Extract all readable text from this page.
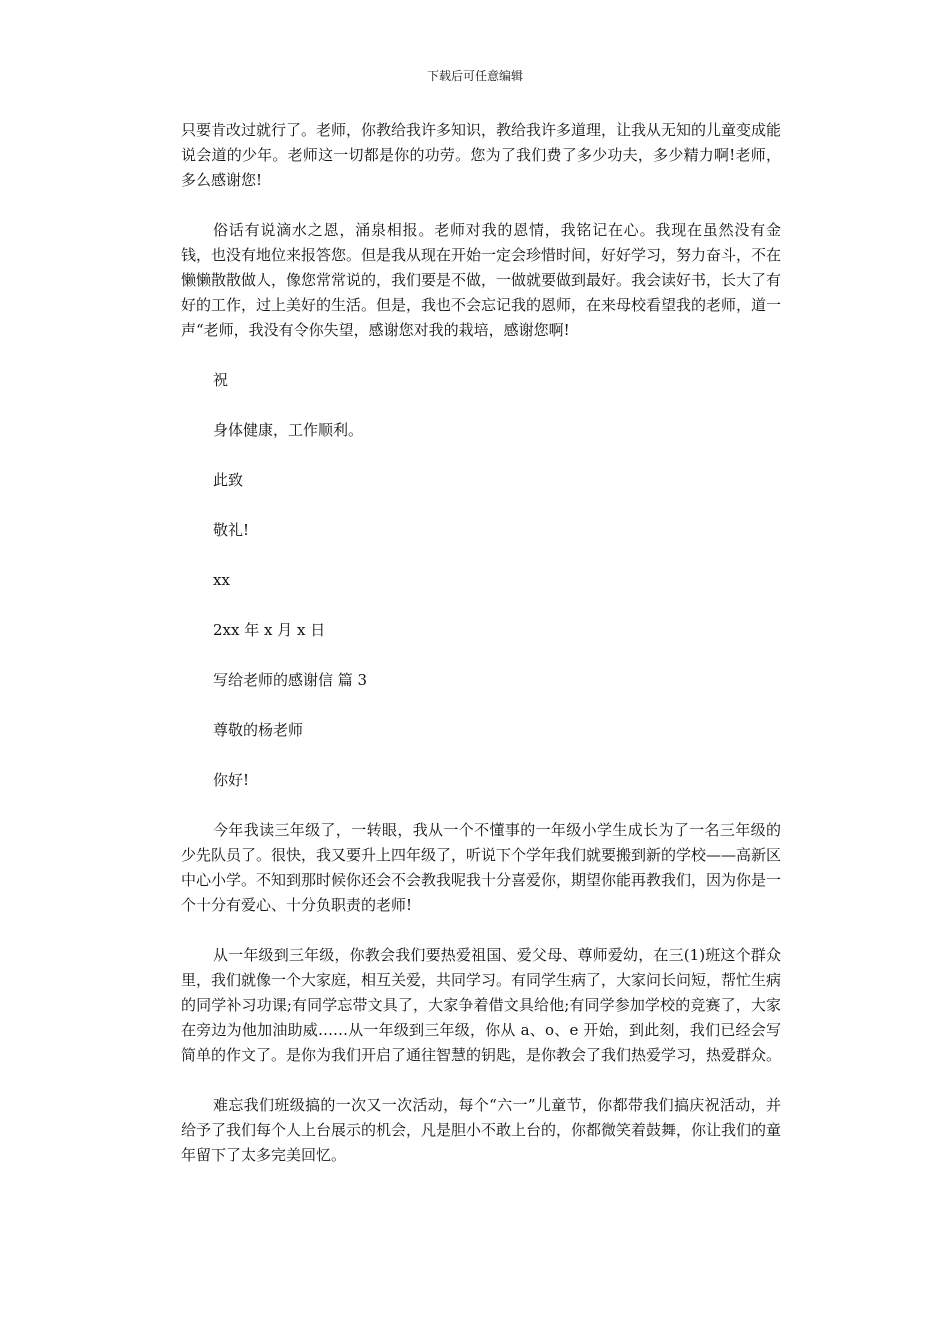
下载后可任意编辑

只要肯改过就行了。老师，你教给我许多知识，教给我许多道理，让我从无知的儿童变成能说会道的少年。老师这一切都是你的功劳。您为了我们费了多少功夫，多少精力啊!老师，多么感谢您!

俗话有说滴水之恩，涌泉相报。老师对我的恩情，我铭记在心。我现在虽然没有金钱，也没有地位来报答您。但是我从现在开始一定会珍惜时间，好好学习，努力奋斗，不在懒懒散散做人，像您常常说的，我们要是不做，一做就要做到最好。我会读好书，长大了有好的工作，过上美好的生活。但是，我也不会忘记我的恩师，在来母校看望我的老师，道一声“老师，我没有令你失望，感谢您对我的栽培，感谢您啊!

祝

身体健康，工作顺利。

此致

敬礼!

xx

2xx 年 x 月 x 日

写给老师的感谢信 篇 3

尊敬的杨老师

你好!

今年我读三年级了，一转眼，我从一个不懂事的一年级小学生成长为了一名三年级的少先队员了。很快，我又要升上四年级了，听说下个学年我们就要搬到新的学校——高新区中心小学。不知到那时候你还会不会教我呢我十分喜爱你，期望你能再教我们，因为你是一个十分有爱心、十分负职责的老师!

从一年级到三年级，你教会我们要热爱祖国、爱父母、尊师爱幼，在三(1)班这个群众里，我们就像一个大家庭，相互关爱，共同学习。有同学生病了，大家问长问短，帮忙生病的同学补习功课;有同学忘带文具了，大家争着借文具给他;有同学参加学校的竞赛了，大家在旁边为他加油助威……从一年级到三年级，你从 a、o、e 开始，到此刻，我们已经会写简单的作文了。是你为我们开启了通往智慧的钥匙，是你教会了我们热爱学习，热爱群众。

难忘我们班级搞的一次又一次活动，每个“六一”儿童节，你都带我们搞庆祝活动，并给予了我们每个人上台展示的机会，凡是胆小不敢上台的，你都微笑着鼓舞，你让我们的童年留下了太多完美回忆。
